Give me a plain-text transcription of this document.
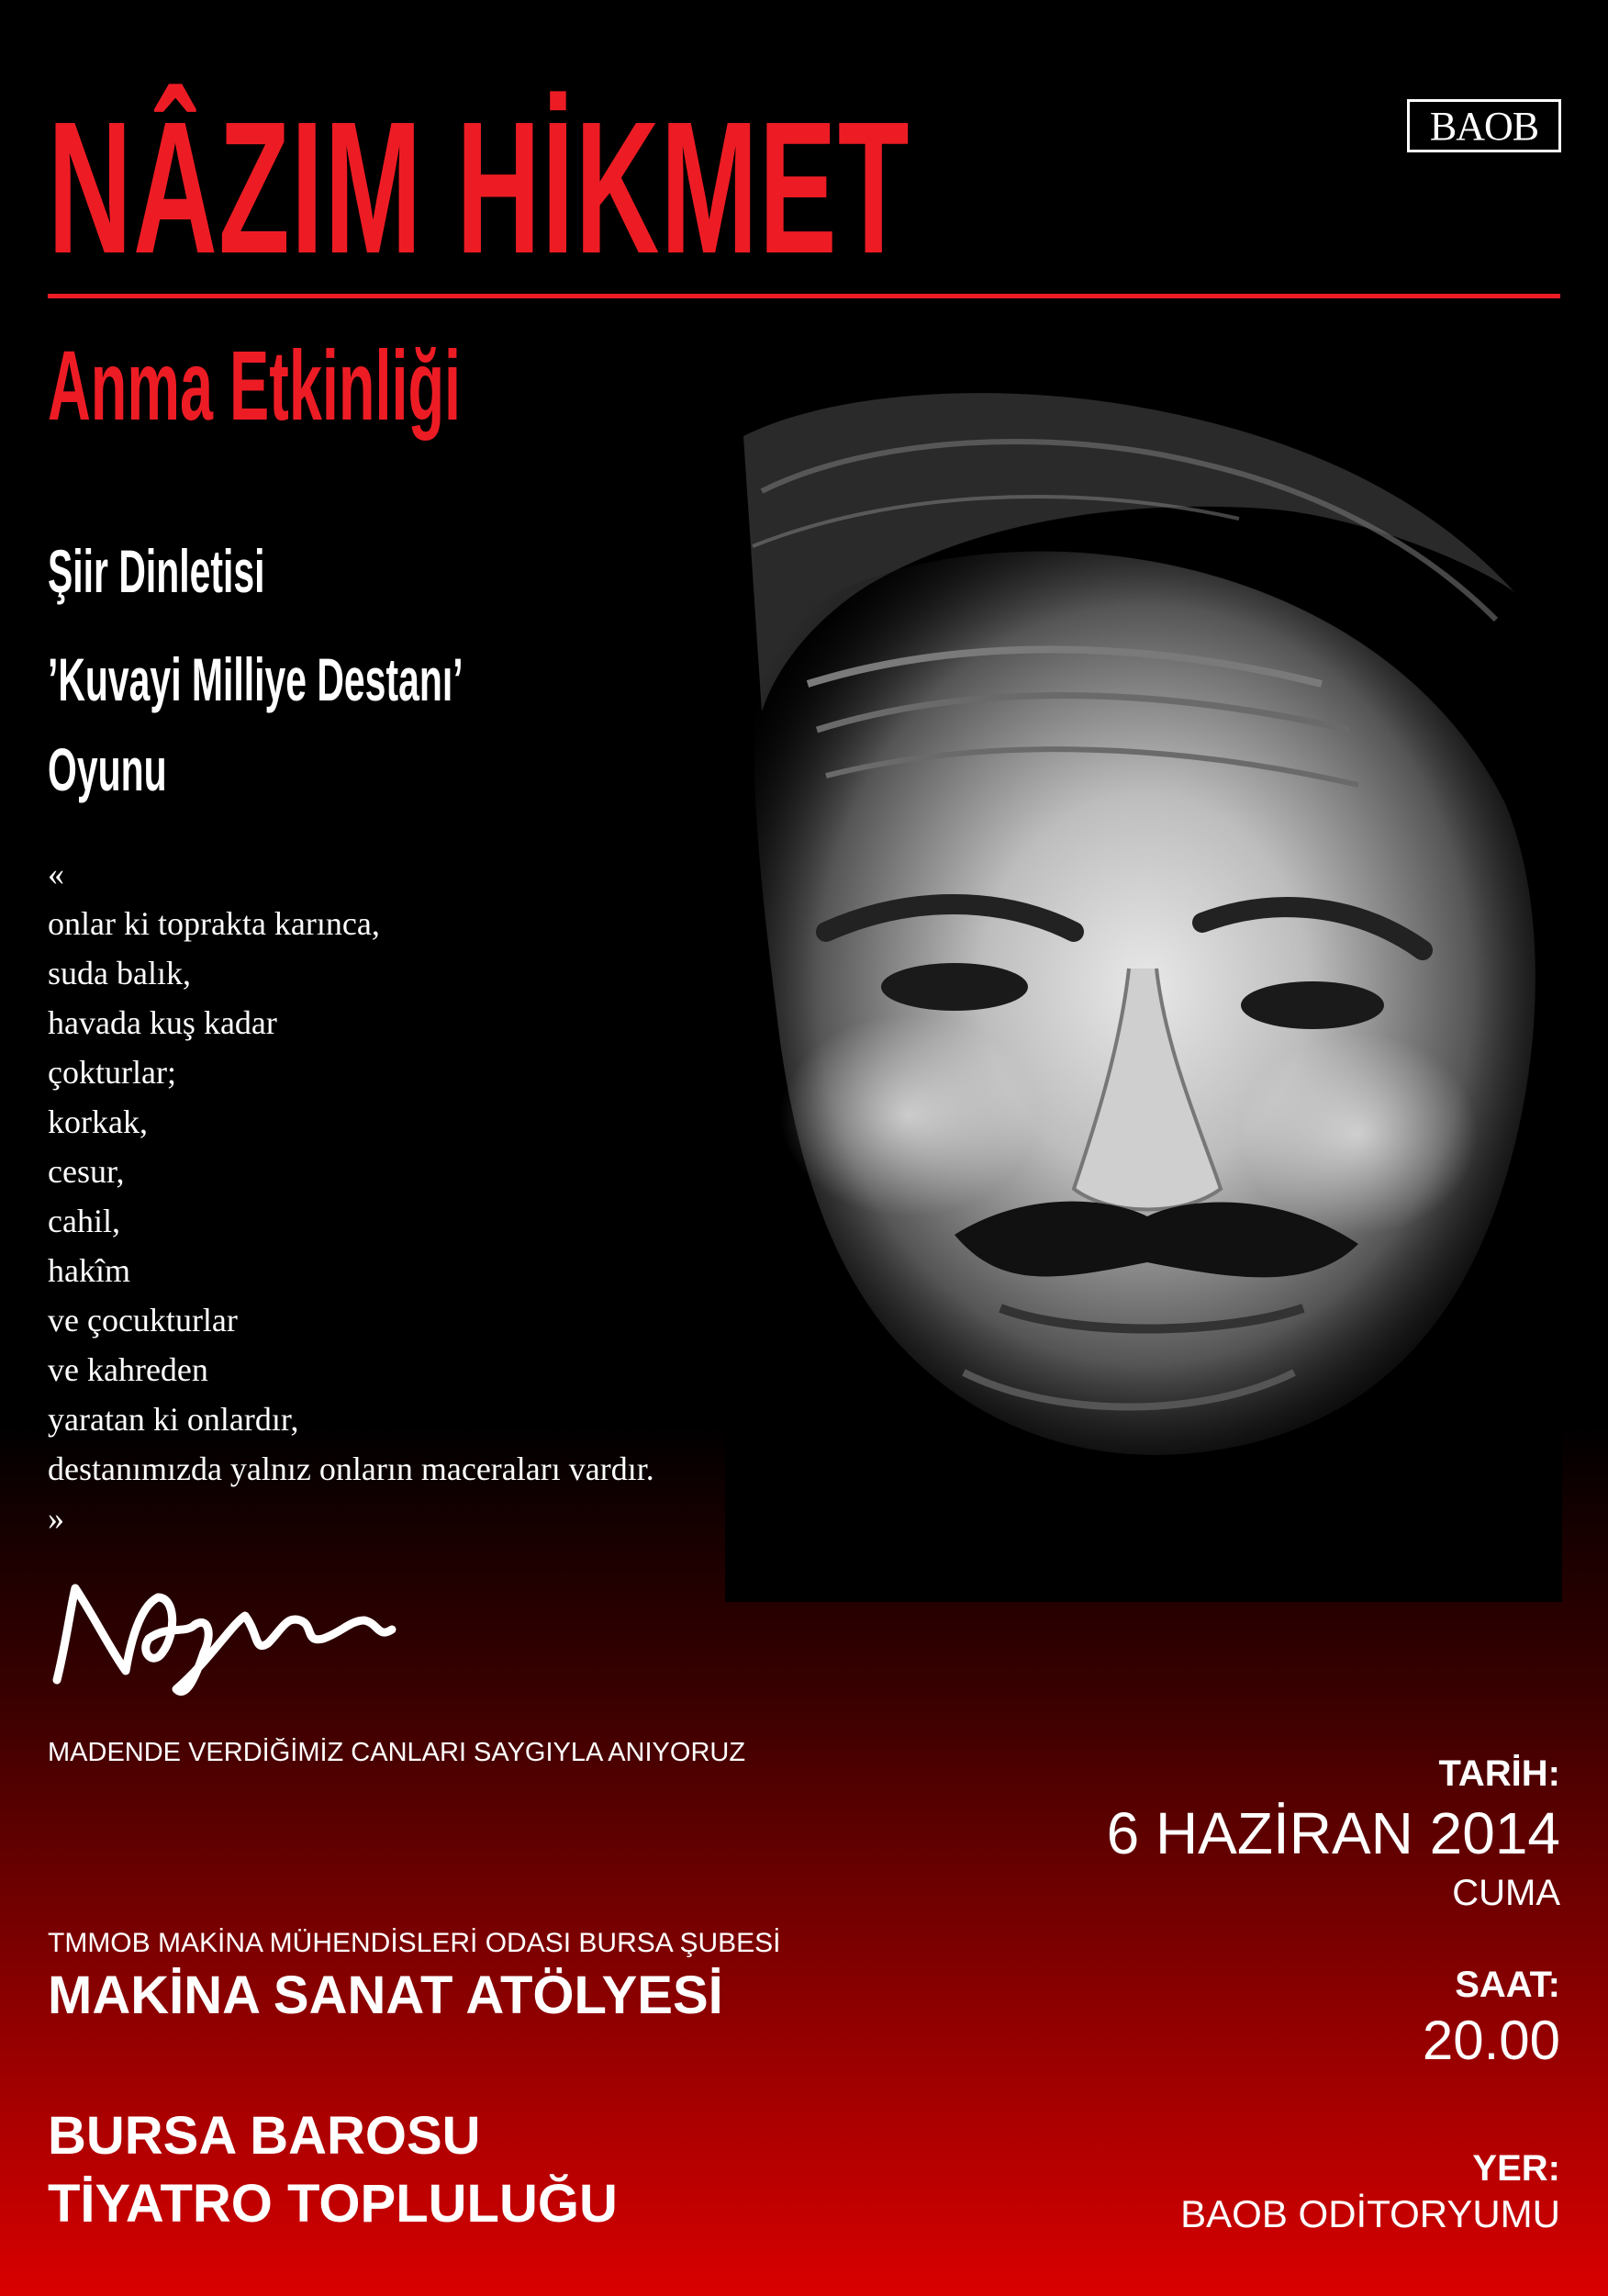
NÂZIM HİKMET	BAOB
Anma Etkinliği
Şiir Dinletisi
’Kuvayi Milliye Destanı’
Oyunu
«
onlar ki toprakta karınca,
suda balık,
havada kuş kadar
çokturlar;
korkak,
cesur,
cahil,
hakîm
ve çocukturlar
ve kahreden
yaratan ki onlardır,
destanımızda yalnız onların maceraları vardır.
»
MADENDE VERDİĞİMİZ CANLARI SAYGIYLA ANIYORUZ
TMMOB MAKİNA MÜHENDİSLERİ ODASI BURSA ŞUBESİ
MAKİNA SANAT ATÖLYESİ
BURSA BAROSU
TİYATRO TOPLULUĞU
TARİH:
6 HAZİRAN 2014
CUMA
SAAT:
20.00
YER:
BAOB ODİTORYUMU
